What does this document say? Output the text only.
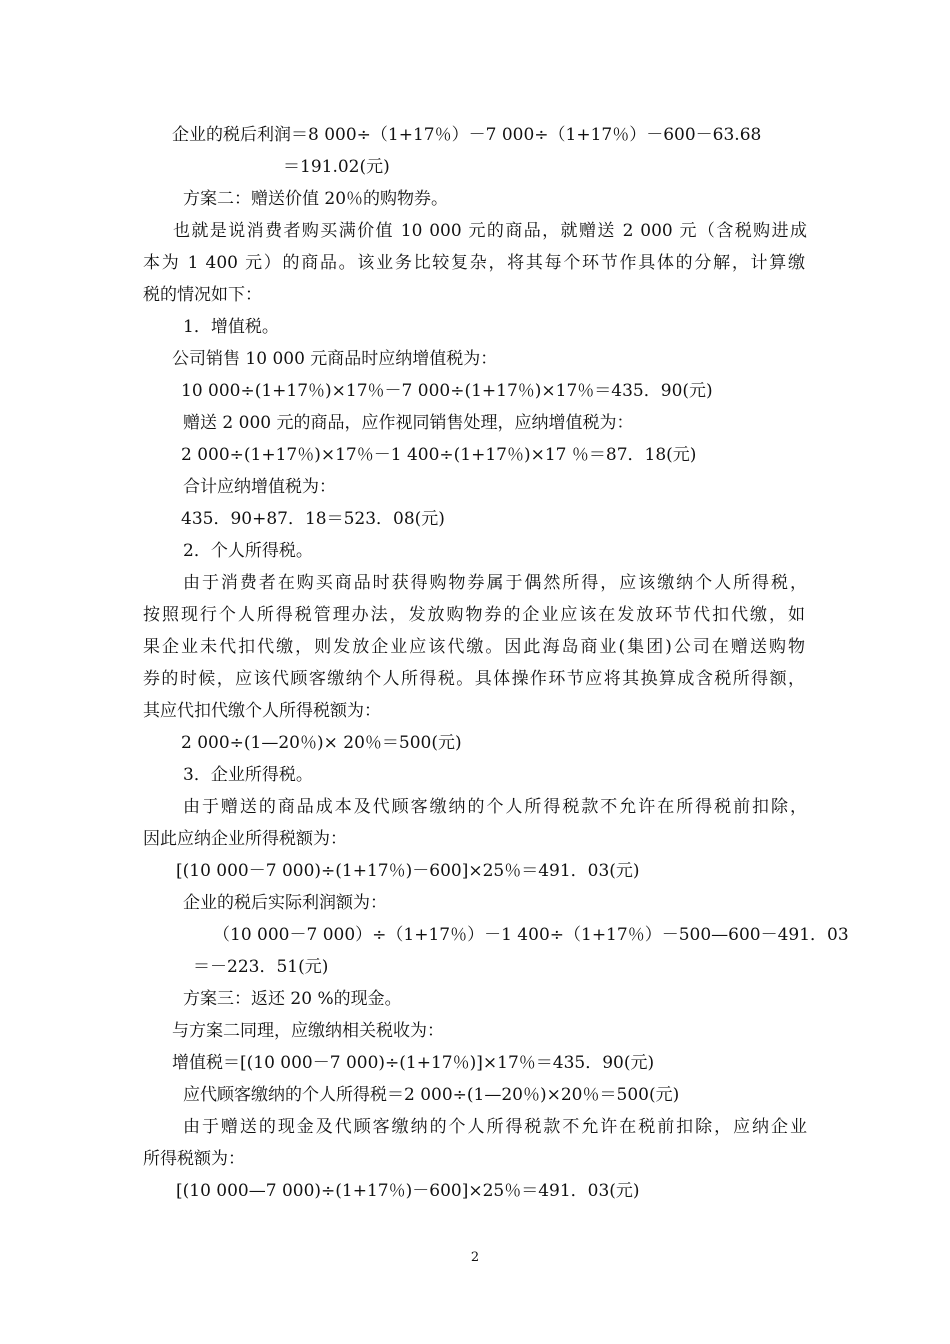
企业的税后利润＝8 000÷（1+17％）－7 000÷（1+17％）－600－63.68
＝191.02(元)
方案二：赠送价值 20％的购物券。
也就是说消费者购买满价值 10 000 元的商品，就赠送 2 000 元（含税购进成
本为 1 400 元）的商品。该业务比较复杂，将其每个环节作具体的分解，计算缴
税的情况如下：
1．增值税。
公司销售 10 000 元商品时应纳增值税为：
10 000÷(1+17％)×17％－7 000÷(1+17％)×17％＝435．90(元)
赠送 2 000 元的商品，应作视同销售处理，应纳增值税为：
2 000÷(1+17％)×17％－1 400÷(1+17％)×17 ％＝87．18(元)
合计应纳增值税为：
435．90+87．18＝523．08(元)
2．个人所得税。
由于消费者在购买商品时获得购物券属于偶然所得，应该缴纳个人所得税，
按照现行个人所得税管理办法，发放购物券的企业应该在发放环节代扣代缴，如
果企业未代扣代缴，则发放企业应该代缴。因此海岛商业(集团)公司在赠送购物
券的时候，应该代顾客缴纳个人所得税。具体操作环节应将其换算成含税所得额，
其应代扣代缴个人所得税额为：
2 000÷(1—20％)× 20％＝500(元)
3．企业所得税。
由于赠送的商品成本及代顾客缴纳的个人所得税款不允许在所得税前扣除，
因此应纳企业所得税额为：
[(10 000－7 000)÷(1+17％)－600]×25％＝491．03(元)
企业的税后实际利润额为：
（10 000－7 000）÷（1+17％）－1 400÷（1+17％）－500—600－491．03
＝－223．51(元)
方案三：返还 20 %的现金。
与方案二同理，应缴纳相关税收为：
增值税＝[(10 000－7 000)÷(1+17％)]×17％＝435．90(元)
应代顾客缴纳的个人所得税＝2 000÷(1—20％)×20％＝500(元)
由于赠送的现金及代顾客缴纳的个人所得税款不允许在税前扣除，应纳企业
所得税额为：
[(10 000—7 000)÷(1+17％)－600]×25％＝491．03(元)
2
